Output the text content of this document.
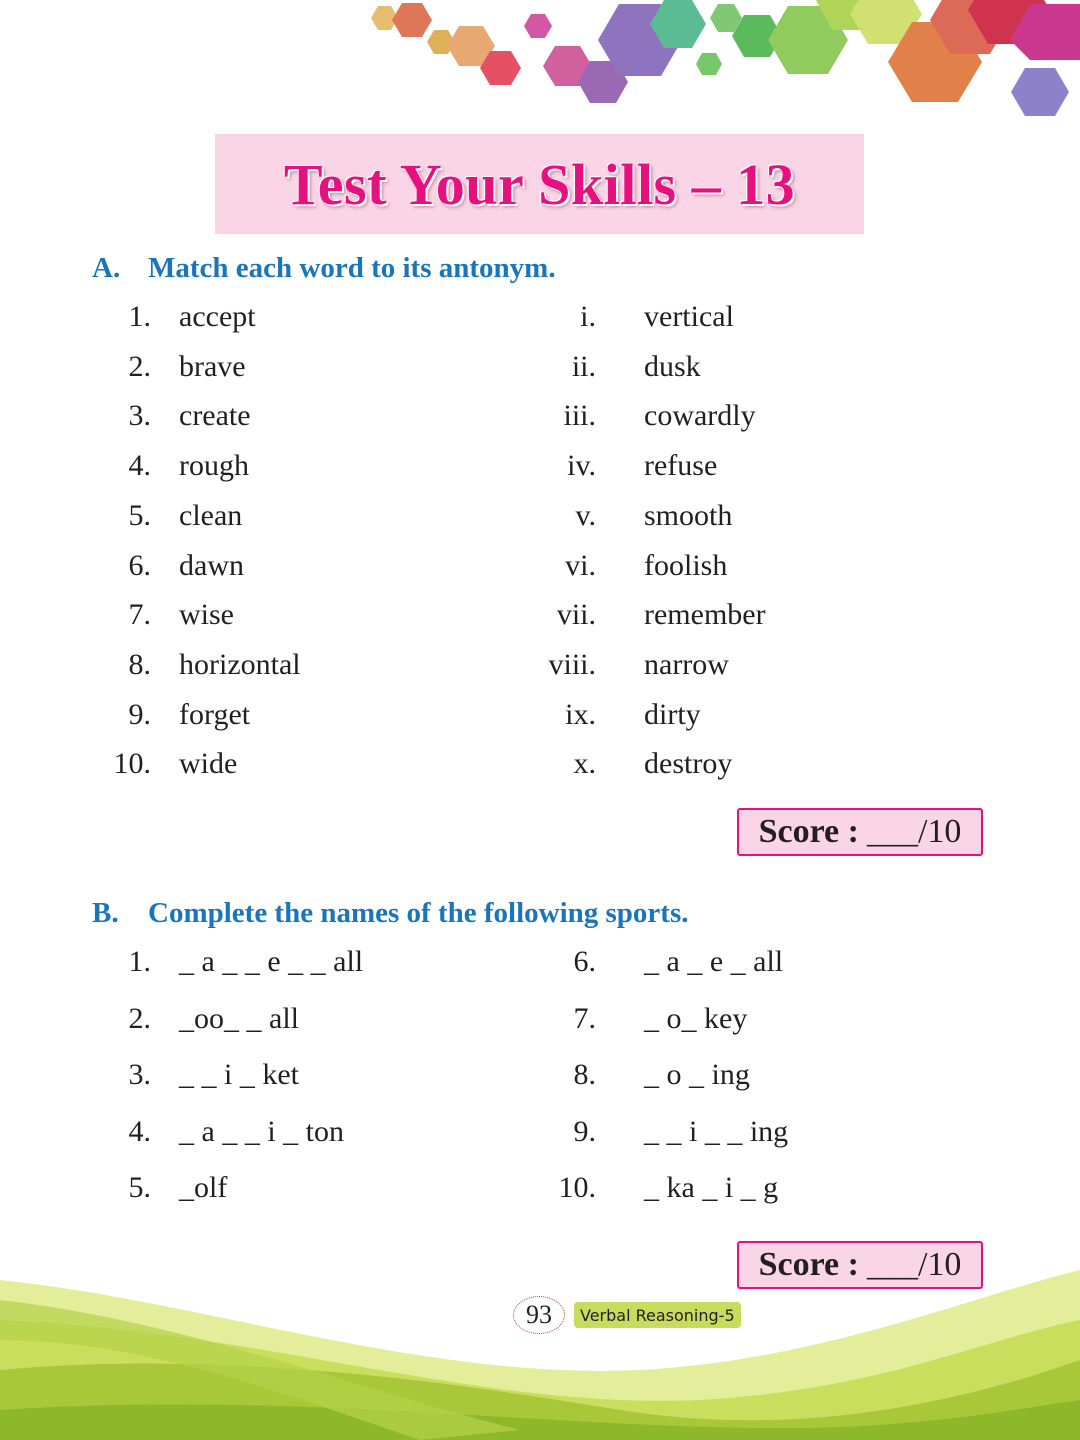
Test Your Skills – 13
A. Match each word to its antonym.
1. accept	i. vertical
2. brave	ii. dusk
3. create	iii. cowardly
4. rough	iv. refuse
5. clean	v. smooth
6. dawn	vi. foolish
7. wise	vii. remember
8. horizontal	viii. narrow
9. forget	ix. dirty
10. wide	x. destroy
Score : ___/10
B. Complete the names of the following sports.
1. _ a _ _ e _ _ all	6. _ a _ e _ all
2. _oo_ _ all	7. _ o_ key
3. _ _ i _ ket	8. _ o _ ing
4. _ a _ _ i _ ton	9. _ _ i _ _ ing
5. _olf	10. _ ka _ i _ g
Score : ___/10
93	Verbal Reasoning-5
